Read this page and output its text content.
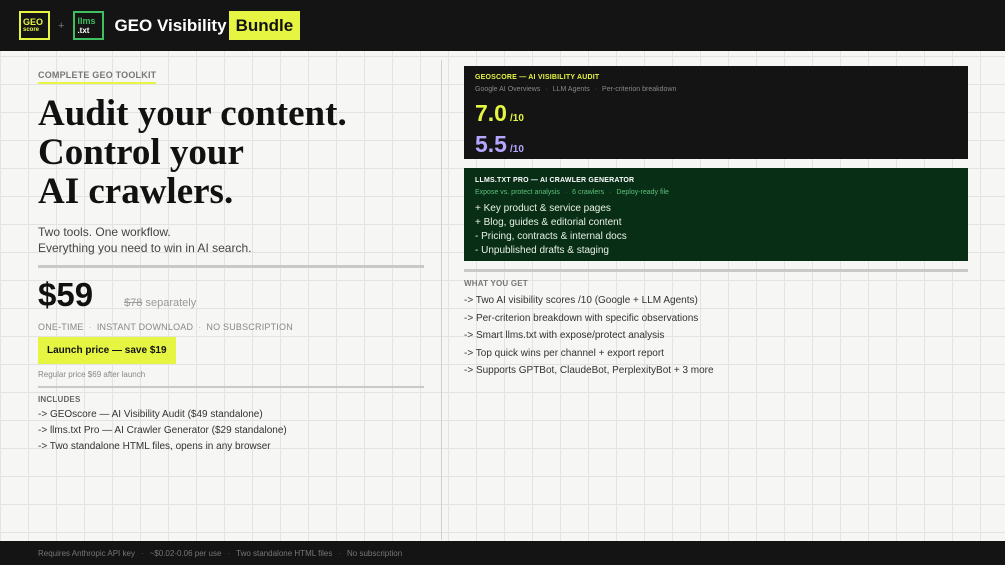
GEO
score	+ llms
.txt	GEO Visibility Bundle
COMPLETE GEO TOOLKIT
Audit your content.
Control your
AI crawlers.
Two tools. One workflow.
Everything you need to win in AI search.
$59	$78 separately
ONE-TIME · INSTANT DOWNLOAD · NO SUBSCRIPTION
Launch price — save $19
Regular price $69 after launch
INCLUDES
-> GEOscore — AI Visibility Audit ($49 standalone)
-> llms.txt Pro — AI Crawler Generator ($29 standalone)
-> Two standalone HTML files, opens in any browser
GEOSCORE — AI VISIBILITY AUDIT
Google AI Overviews · LLM Agents · Per-criterion breakdown
7.0 /10
5.5 /10
LLMS.TXT PRO — AI CRAWLER GENERATOR
Expose vs. protect analysis · 6 crawlers · Deploy-ready file
+ Key product & service pages
+ Blog, guides & editorial content
- Pricing, contracts & internal docs
- Unpublished drafts & staging
WHAT YOU GET
-> Two AI visibility scores /10 (Google + LLM Agents)
-> Per-criterion breakdown with specific observations
-> Smart llms.txt with expose/protect analysis
-> Top quick wins per channel + export report
-> Supports GPTBot, ClaudeBot, PerplexityBot + 3 more
Requires Anthropic API key · ~$0.02-0.06 per use · Two standalone HTML files · No subscription
